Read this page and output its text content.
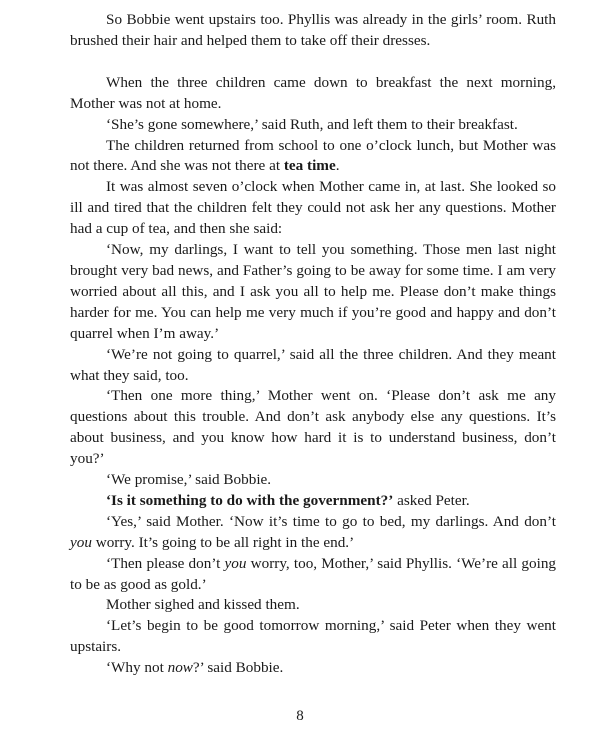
So Bobbie went upstairs too. Phyllis was already in the girls’ room. Ruth brushed their hair and helped them to take off their dresses.

When the three children came down to breakfast the next morning, Mother was not at home.

‘She’s gone somewhere,’ said Ruth, and left them to their breakfast.

The children returned from school to one o’clock lunch, but Mother was not there. And she was not there at tea time.

It was almost seven o’clock when Mother came in, at last. She looked so ill and tired that the children felt they could not ask her any questions. Mother had a cup of tea, and then she said:

‘Now, my darlings, I want to tell you something. Those men last night brought very bad news, and Father’s going to be away for some time. I am very worried about all this, and I ask you all to help me. Please don’t make things harder for me. You can help me very much if you’re good and happy and don’t quarrel when I’m away.’

‘We’re not going to quarrel,’ said all the three children. And they meant what they said, too.

‘Then one more thing,’ Mother went on. ‘Please don’t ask me any questions about this trouble. And don’t ask anybody else any questions. It’s about business, and you know how hard it is to understand business, don’t you?’

‘We promise,’ said Bobbie.

‘Is it something to do with the government?’ asked Peter.

‘Yes,’ said Mother. ‘Now it’s time to go to bed, my darlings. And don’t you worry. It’s going to be all right in the end.’

‘Then please don’t you worry, too, Mother,’ said Phyllis. ‘We’re all going to be as good as gold.’

Mother sighed and kissed them.

‘Let’s begin to be good tomorrow morning,’ said Peter when they went upstairs.

‘Why not now?’ said Bobbie.

8
